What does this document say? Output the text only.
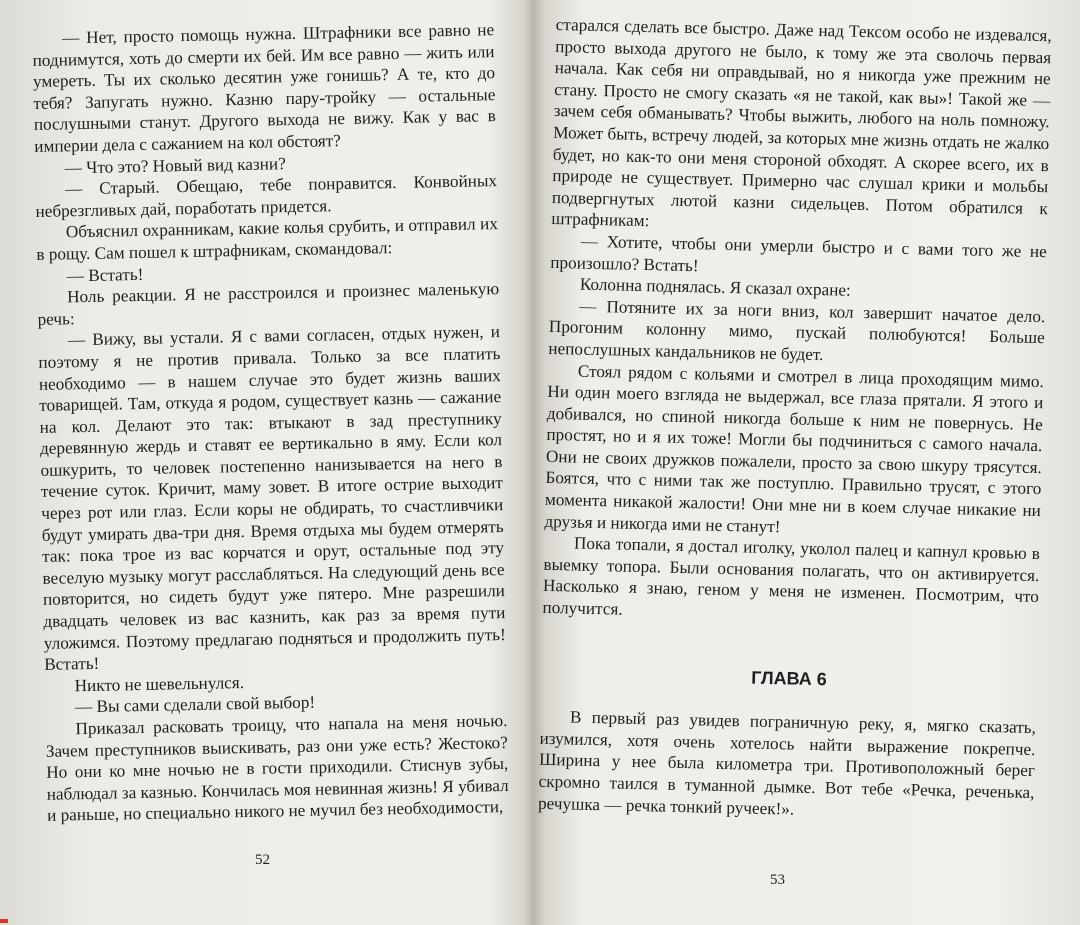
— Нет, просто помощь нужна. Штрафники все равно не поднимутся, хоть до смерти их бей. Им все равно — жить или умереть. Ты их сколько десятин уже гонишь? А те, кто до тебя? Запугать нужно. Казню пару-тройку — остальные послушными станут. Другого выхода не вижу. Как у вас в империи дела с сажанием на кол обстоят?

— Что это? Новый вид казни?

— Старый. Обещаю, тебе понравится. Конвойных небрезгливых дай, поработать придется.

Объяснил охранникам, какие колья срубить, и отправил их в рощу. Сам пошел к штрафникам, скомандовал:

— Встать!

Ноль реакции. Я не расстроился и произнес маленькую речь:

— Вижу, вы устали. Я с вами согласен, отдых нужен, и поэтому я не против привала. Только за все платить необходимо — в нашем случае это будет жизнь ваших товарищей. Там, откуда я родом, существует казнь — сажание на кол. Делают это так: втыкают в зад преступнику деревянную жердь и ставят ее вертикально в яму. Если кол ошкурить, то человек постепенно нанизывается на него в течение суток. Кричит, маму зовет. В итоге острие выходит через рот или глаз. Если коры не обдирать, то счастливчики будут умирать два-три дня. Время отдыха мы будем отмерять так: пока трое из вас корчатся и орут, остальные под эту веселую музыку могут расслабляться. На следующий день все повторится, но сидеть будут уже пятеро. Мне разрешили двадцать человек из вас казнить, как раз за время пути уложимся. Поэтому предлагаю подняться и продолжить путь! Встать!

Никто не шевельнулся.

— Вы сами сделали свой выбор!

Приказал расковать троицу, что напала на меня ночью. Зачем преступников выискивать, раз они уже есть? Жестоко? Но они ко мне ночью не в гости приходили. Стиснув зубы, наблюдал за казнью. Кончилась моя невинная жизнь! Я убивал и раньше, но специально никого не мучил без необходимости,

52

старался сделать все быстро. Даже над Тексом особо не издевался, просто выхода другого не было, к тому же эта сволочь первая начала. Как себя ни оправдывай, но я никогда уже прежним не стану. Просто не смогу сказать «я не такой, как вы»! Такой же — зачем себя обманывать? Чтобы выжить, любого на ноль помножу. Может быть, встречу людей, за которых мне жизнь отдать не жалко будет, но как-то они меня стороной обходят. А скорее всего, их в природе не существует. Примерно час слушал крики и мольбы подвергнутых лютой казни сидельцев. Потом обратился к штрафникам:

— Хотите, чтобы они умерли быстро и с вами того же не произошло? Встать!

Колонна поднялась. Я сказал охране:

— Потяните их за ноги вниз, кол завершит начатое дело. Прогоним колонну мимо, пускай полюбуются! Больше непослушных кандальников не будет.

Стоял рядом с кольями и смотрел в лица проходящим мимо. Ни один моего взгляда не выдержал, все глаза прятали. Я этого и добивался, но спиной никогда больше к ним не повернусь. Не простят, но и я их тоже! Могли бы подчиниться с самого начала. Они не своих дружков пожалели, просто за свою шкуру трясутся. Боятся, что с ними так же поступлю. Правильно трусят, с этого момента никакой жалости! Они мне ни в коем случае никакие ни друзья и никогда ими не станут!

Пока топали, я достал иголку, уколол палец и капнул кровью в выемку топора. Были основания полагать, что он активируется. Насколько я знаю, геном у меня не изменен. Посмотрим, что получится.

ГЛАВА 6

В первый раз увидев пограничную реку, я, мягко сказать, изумился, хотя очень хотелось найти выражение покрепче. Ширина у нее была километра три. Противоположный берег скромно таился в туманной дымке. Вот тебе «Речка, реченька, речушка — речка тонкий ручеек!».

53
